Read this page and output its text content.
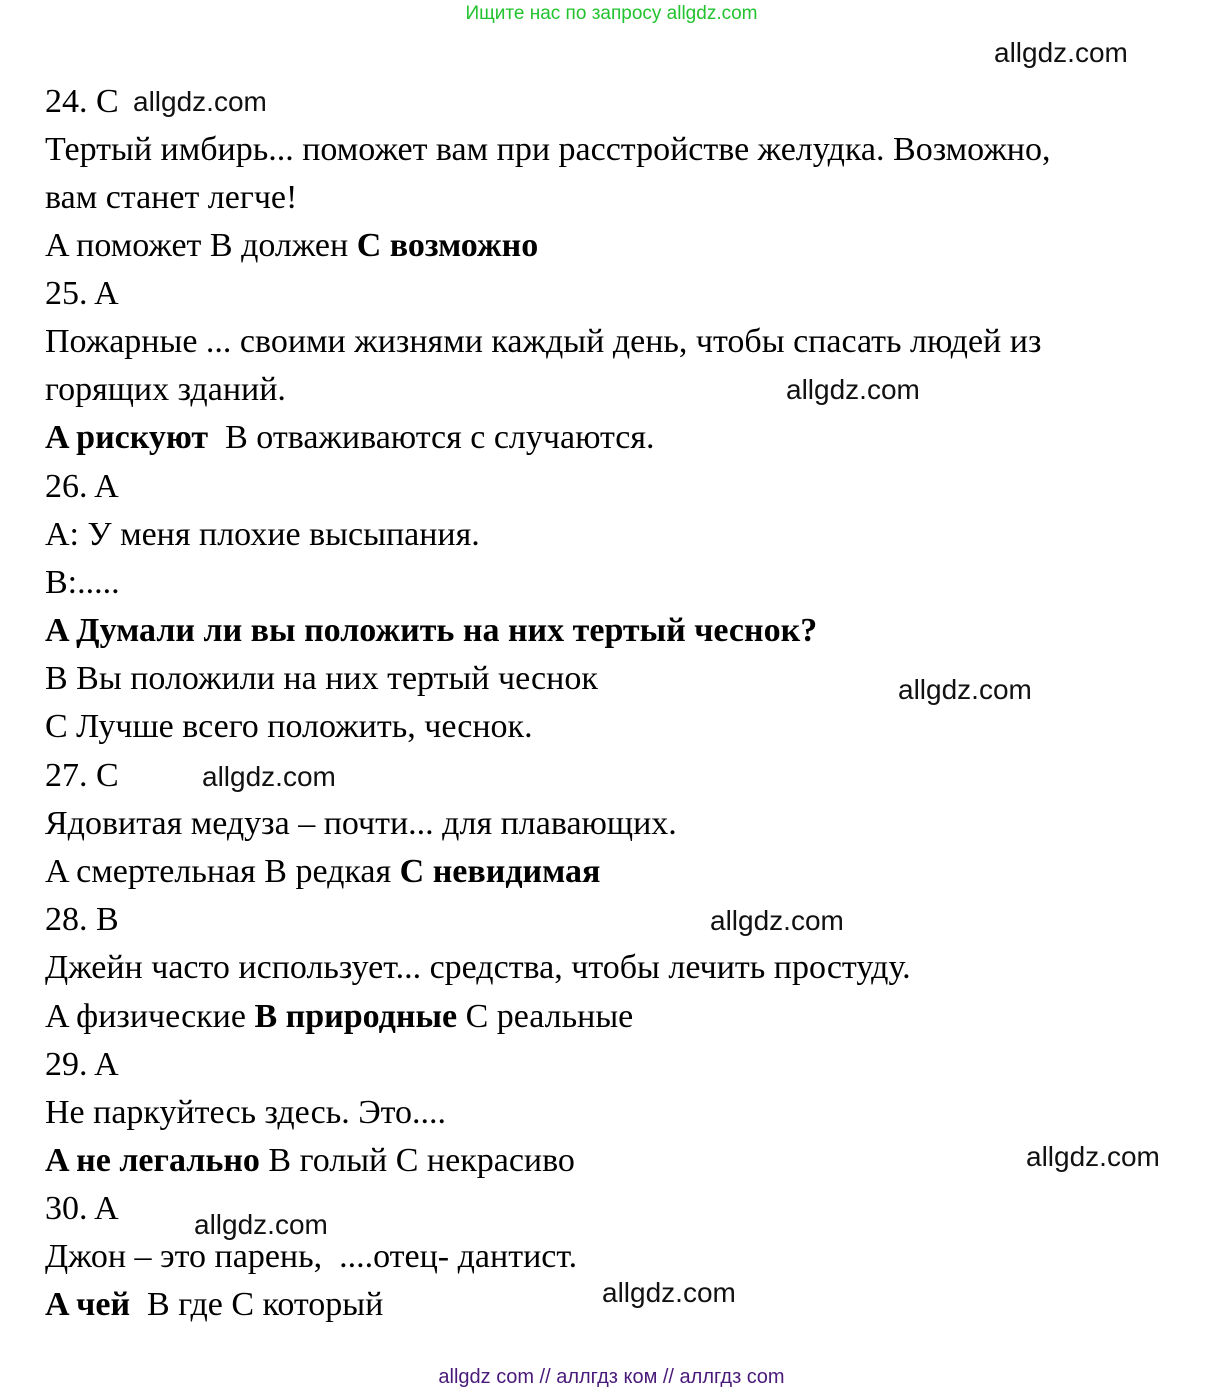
Ищите нас по запросу allgdz.com
allgdz.com
24. C allgdz.com
Тертый имбирь... поможет вам при расстройстве желудка. Возможно,
вам станет легче!
A поможет B должен C возможно
25. A
Пожарные ... своими жизнями каждый день, чтобы спасать людей из
горящих зданий.	allgdz.com
A рискуют  B отваживаются с случаются.
26. A
A: У меня плохие высыпания.
B:.....
A Думали ли вы положить на них тертый чеснок?
B Вы положили на них тертый чеснок	allgdz.com
C Лучше всего положить, чеснок.
27. C	allgdz.com
Ядовитая медуза – почти... для плавающих.
A смертельная B редкая C невидимая
28. B	allgdz.com
Джейн часто использует... средства, чтобы лечить простуду.
A физические B природные C реальные
29. A
Не паркуйтесь здесь. Это....
A не легально B голый C некрасиво	allgdz.com
30. A	allgdz.com
Джон – это парень,  ....отец- дантист.
allgdz.com
A чей  B где C который
allgdz com // аллгдз ком // аллгдз com
